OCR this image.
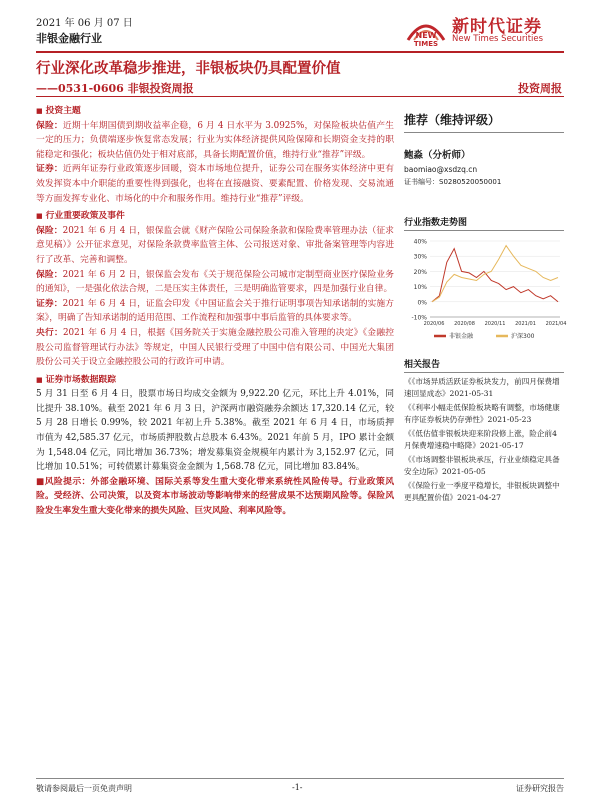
2021 年 06 月 07 日
非银金融行业	NEW
TIMES
新时代证券
New Times Securities
行业深化改革稳步推进，非银板块仍具配置价值
——0531-0606 非银投资周报	投资周报
■ 投资主题
保险：近期十年期国债到期收益率企稳，6 月 4 日水平为 3.0925%，对保险板块估值产生一定的压力；负债端逐步恢复常态发展；行业为实体经济提供风险保障和长期资金支持的职能稳定和强化；板块估值仍处于相对底部，具备长期配置价值，维持行业“推荐”评级。
证券：近两年证券行业政策逐步回暖，资本市场地位提升，证券公司在服务实体经济中更有效发挥资本中介职能的重要性得到强化，也将在直接融资、要素配置、价格发现、交易流通等方面发挥专业化、市场化的中介和服务作用。维持行业“推荐”评级。
■ 行业重要政策及事件
保险：2021 年 6 月 4 日，银保监会就《财产保险公司保险条款和保险费率管理办法（征求意见稿）》公开征求意见，对保险条款费率监管主体、公司报送对象、审批备案管理等内容进行了改革、完善和调整。
保险：2021 年 6 月 2 日，银保监会发布《关于规范保险公司城市定制型商业医疗保险业务的通知》，一是强化依法合规，二是压实主体责任，三是明确监管要求，四是加强行业自律。
证券：2021 年 6 月 4 日，证监会印发《中国证监会关于推行证明事项告知承诺制的实施方案》，明确了告知承诺制的适用范围、工作流程和加强事中事后监管的具体要求等。
央行：2021 年 6 月 4 日，根据《国务院关于实施金融控股公司准入管理的决定》《金融控股公司监督管理试行办法》等规定，中国人民银行受理了中国中信有限公司、中国光大集团股份公司关于设立金融控股公司的行政许可申请。
■ 证券市场数据跟踪
5 月 31 日至 6 月 4 日，股票市场日均成交金额为 9,922.20 亿元，环比上升 4.01%，同比提升 38.10%。截至 2021 年 6 月 3 日，沪深两市融资融券余额达 17,320.14 亿元，较 5 月 28 日增长 0.99%，较 2021 年初上升 5.38%。截至 2021 年 6 月 4 日，市场质押市值为 42,585.37 亿元，市场质押股数占总股本 6.43%。2021 年前 5 月，IPO 累计金额为 1,548.04 亿元，同比增加 36.73%；增发募集资金规模年内累计为 3,152.97 亿元，同比增加 10.51%；可转债累计募集资金金额为 1,568.78 亿元，同比增加 83.84%。
■风险提示：外部金融环境、国际关系等发生重大变化带来系统性风险传导。行业政策风险。受经济、公司决策，以及资本市场波动等影响带来的经营成果不达预期风险等。保险风险发生率发生重大变化带来的损失风险、巨灾风险、利率风险等。
推荐（维持评级）
鲍淼（分析师）
baomiao@xsdzq.cn
证书编号：S0280520050001
行业指数走势图
40%
30%
20%
10%
0%
-10%
2020/06 2020/08 2020/11 2021/01 2021/04
非银金融	沪深300
相关报告
《 《市场异质活跃证券板块发力，前四月保费增速回显成态》2021-05-31
《 《利率小幅走低保险板块略有调整，市场健康有序证券板块仍存弹性》2021-05-23
《 《低估值非银板块迎来阶段修上涨，险企前4月保费增速稳中略降》2021-05-17
《 《市场调整非银板块承压，行业业绩稳定具备安全边际》2021-05-05
《 《保险行业一季度平稳增长，非银板块调整中更具配置价值》2021-04-27
敬请参阅最后一页免责声明	-1-	证券研究报告
